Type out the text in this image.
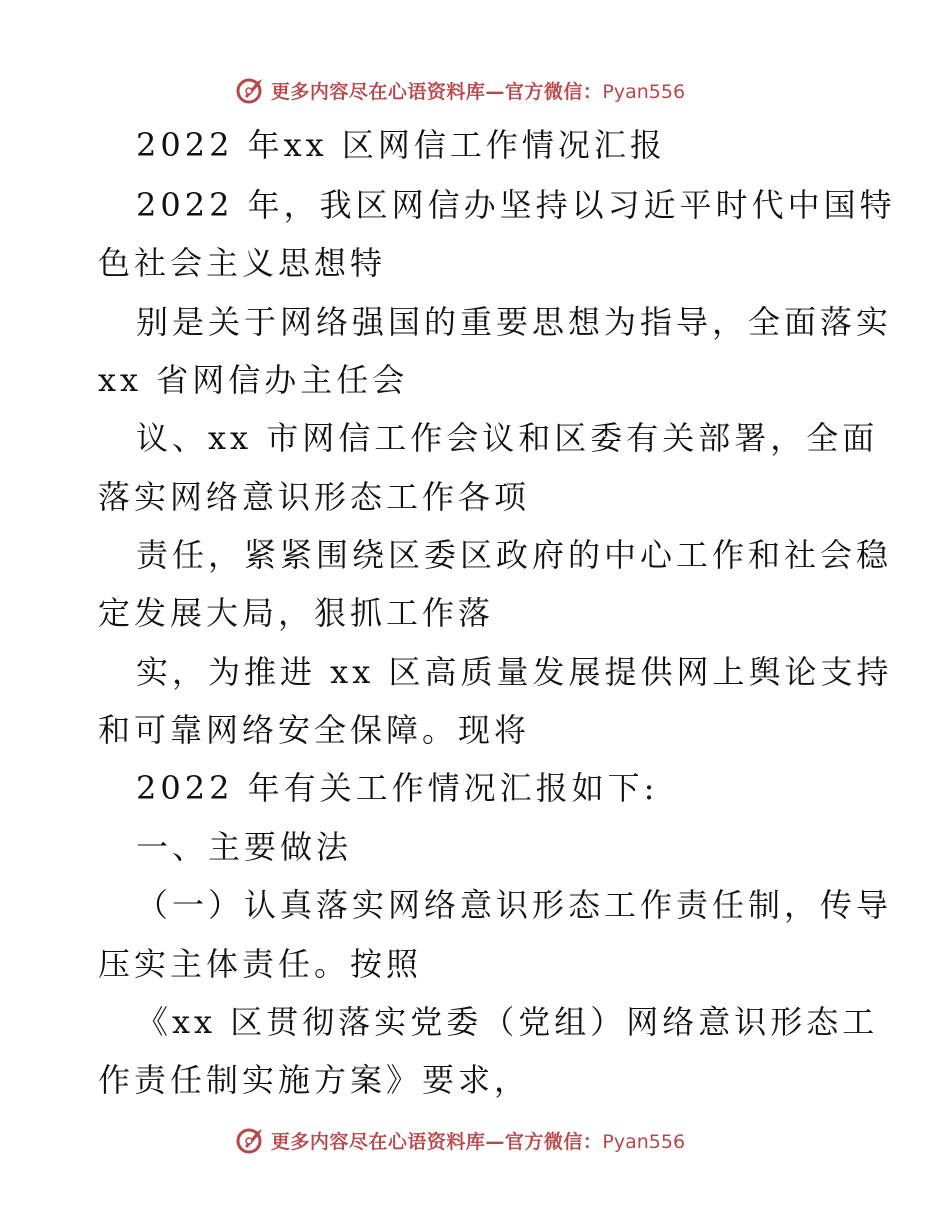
更多内容尽在心语资料库—官方微信：Pyan556
2022 年xx 区网信工作情况汇报
2022 年，我区网信办坚持以习近平时代中国特
色社会主义思想特
别是关于网络强国的重要思想为指导，全面落实
xx 省网信办主任会
议、xx 市网信工作会议和区委有关部署，全面
落实网络意识形态工作各项
责任，紧紧围绕区委区政府的中心工作和社会稳
定发展大局，狠抓工作落
实，为推进 xx 区高质量发展提供网上舆论支持
和可靠网络安全保障。现将
2022 年有关工作情况汇报如下:
一、主要做法
（一）认真落实网络意识形态工作责任制，传导
压实主体责任。按照
《xx 区贯彻落实党委（党组）网络意识形态工
作责任制实施方案》要求，
更多内容尽在心语资料库—官方微信：Pyan556
